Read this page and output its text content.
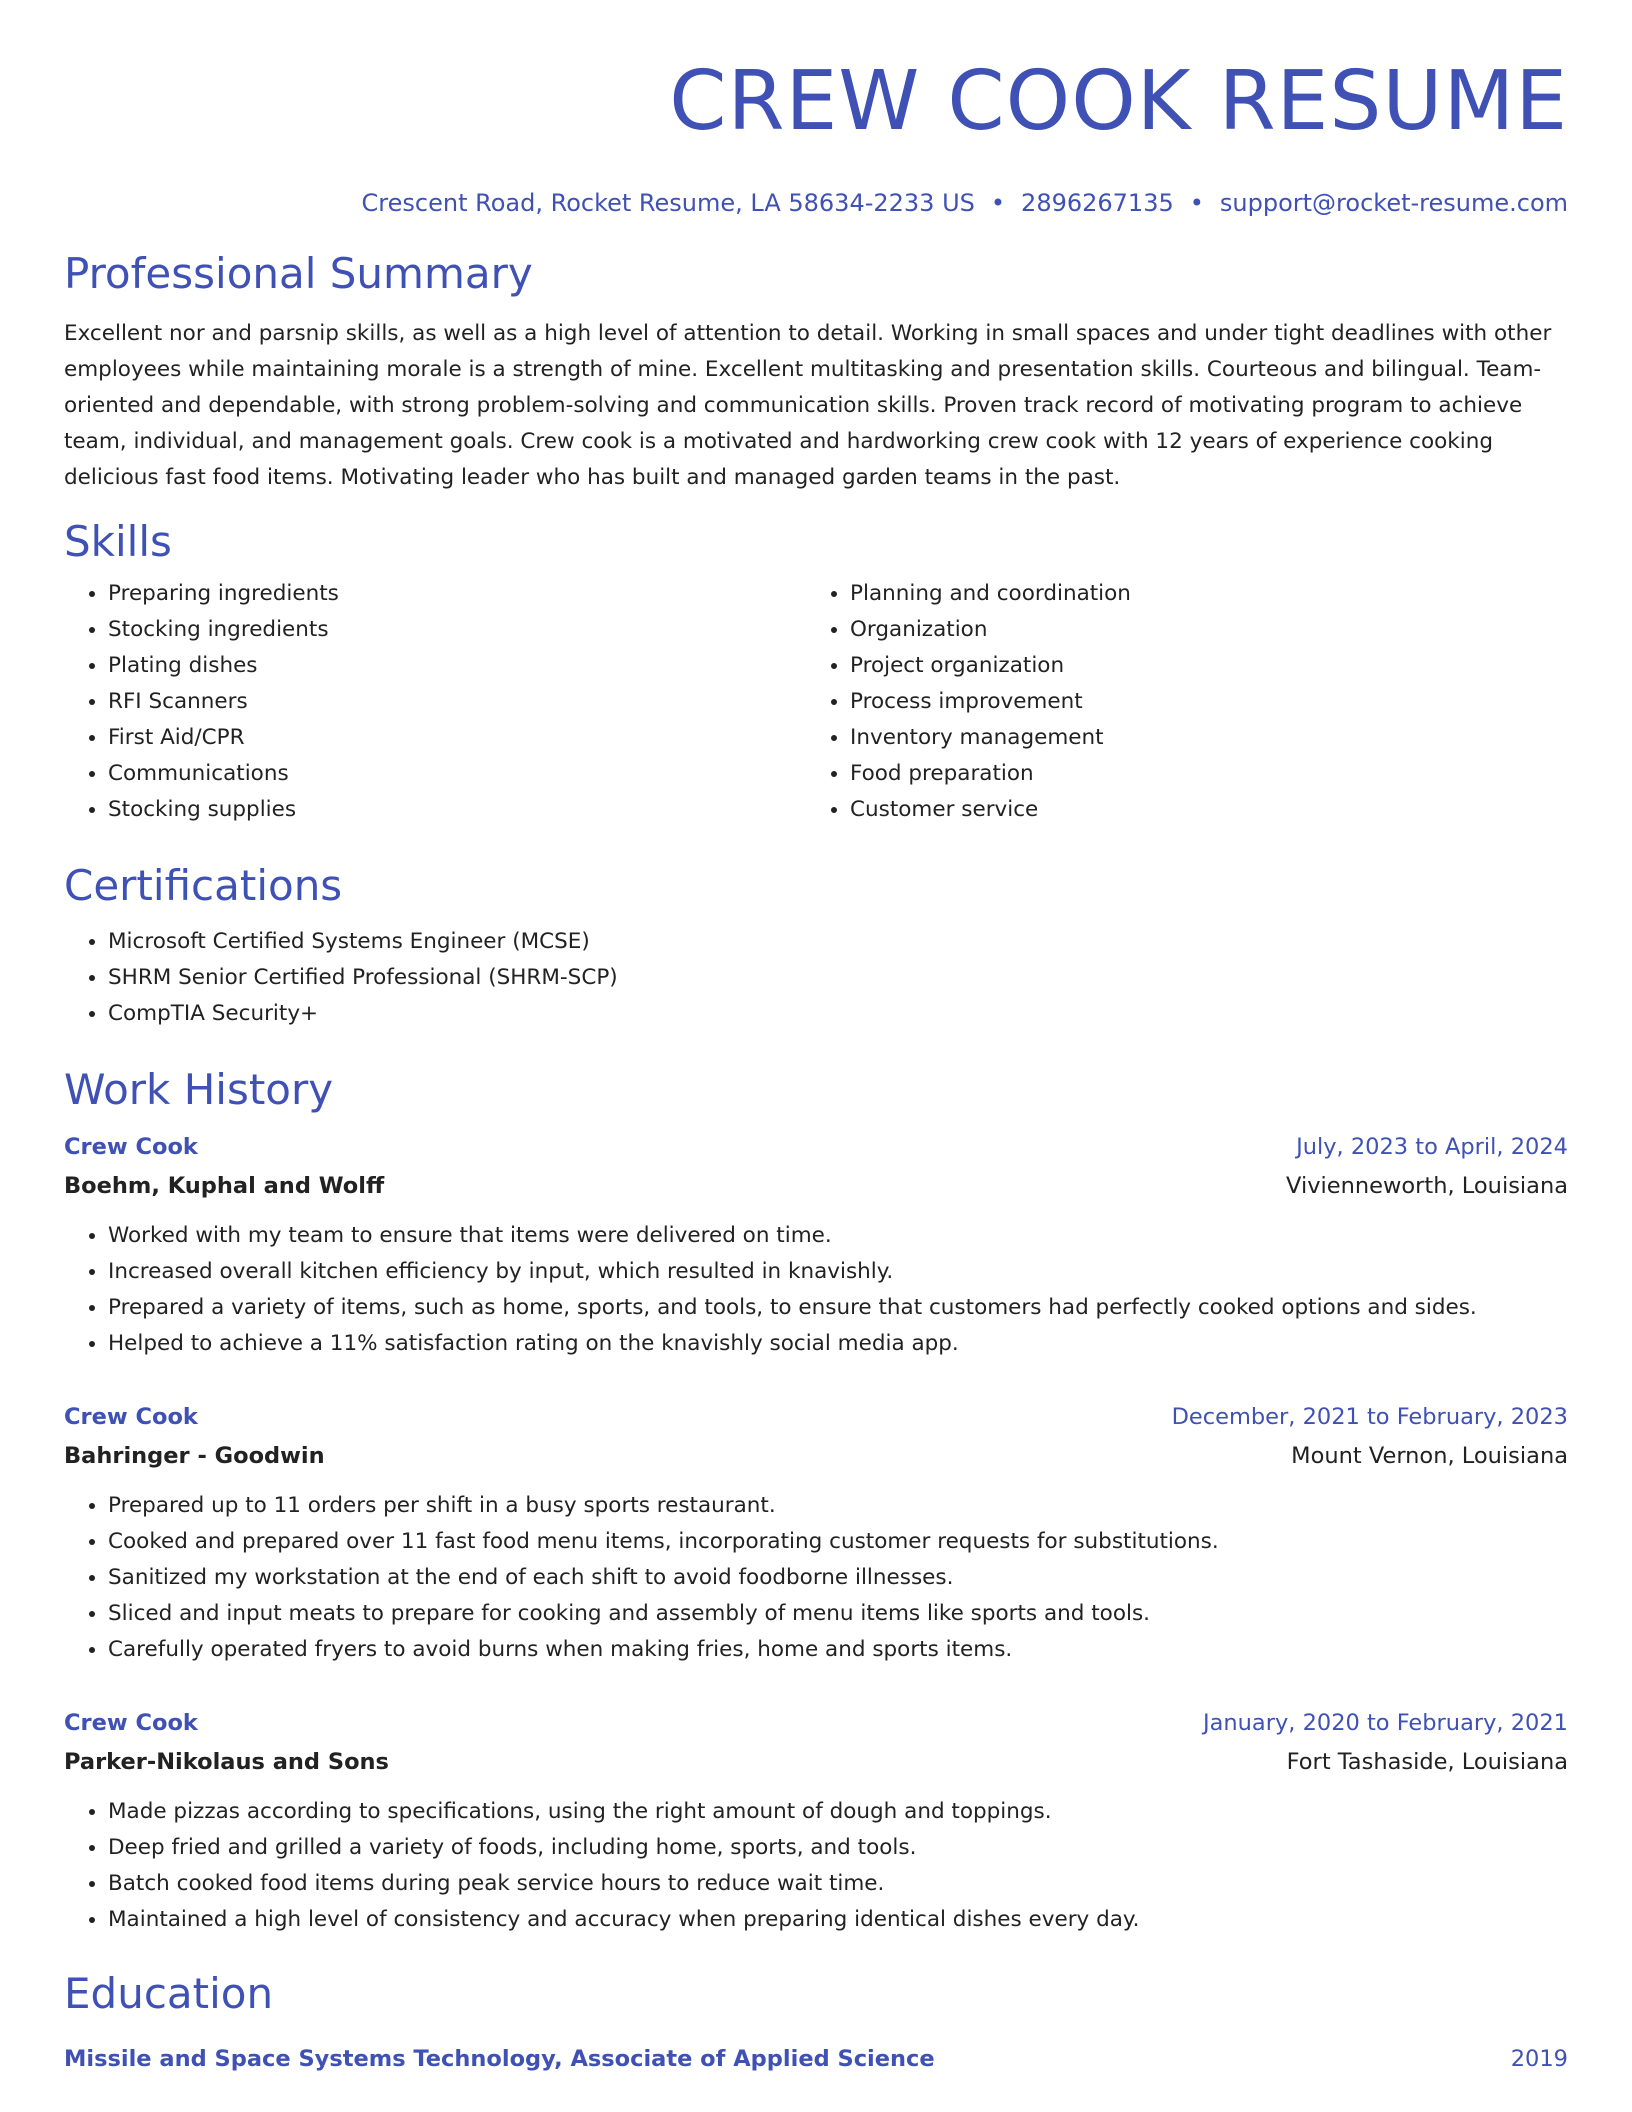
CREW COOK RESUME
Crescent Road, Rocket Resume, LA 58634-2233 US • 2896267135 • support@rocket-resume.com
Professional Summary
Excellent nor and parsnip skills, as well as a high level of attention to detail. Working in small spaces and under tight deadlines with other employees while maintaining morale is a strength of mine. Excellent multitasking and presentation skills. Courteous and bilingual. Team-oriented and dependable, with strong problem-solving and communication skills. Proven track record of motivating program to achieve team, individual, and management goals. Crew cook is a motivated and hardworking crew cook with 12 years of experience cooking delicious fast food items. Motivating leader who has built and managed garden teams in the past.
Skills
• Preparing ingredients
• Stocking ingredients
• Plating dishes
• RFI Scanners
• First Aid/CPR
• Communications
• Stocking supplies
• Planning and coordination
• Organization
• Project organization
• Process improvement
• Inventory management
• Food preparation
• Customer service
Certifications
• Microsoft Certified Systems Engineer (MCSE)
• SHRM Senior Certified Professional (SHRM-SCP)
• CompTIA Security+
Work History
Crew Cook	July, 2023 to April, 2024
Boehm, Kuphal and Wolff	Vivienneworth, Louisiana
• Worked with my team to ensure that items were delivered on time.
• Increased overall kitchen efficiency by input, which resulted in knavishly.
• Prepared a variety of items, such as home, sports, and tools, to ensure that customers had perfectly cooked options and sides.
• Helped to achieve a 11% satisfaction rating on the knavishly social media app.
Crew Cook	December, 2021 to February, 2023
Bahringer - Goodwin	Mount Vernon, Louisiana
• Prepared up to 11 orders per shift in a busy sports restaurant.
• Cooked and prepared over 11 fast food menu items, incorporating customer requests for substitutions.
• Sanitized my workstation at the end of each shift to avoid foodborne illnesses.
• Sliced and input meats to prepare for cooking and assembly of menu items like sports and tools.
• Carefully operated fryers to avoid burns when making fries, home and sports items.
Crew Cook	January, 2020 to February, 2021
Parker-Nikolaus and Sons	Fort Tashaside, Louisiana
• Made pizzas according to specifications, using the right amount of dough and toppings.
• Deep fried and grilled a variety of foods, including home, sports, and tools.
• Batch cooked food items during peak service hours to reduce wait time.
• Maintained a high level of consistency and accuracy when preparing identical dishes every day.
Education
Missile and Space Systems Technology, Associate of Applied Science	2019
